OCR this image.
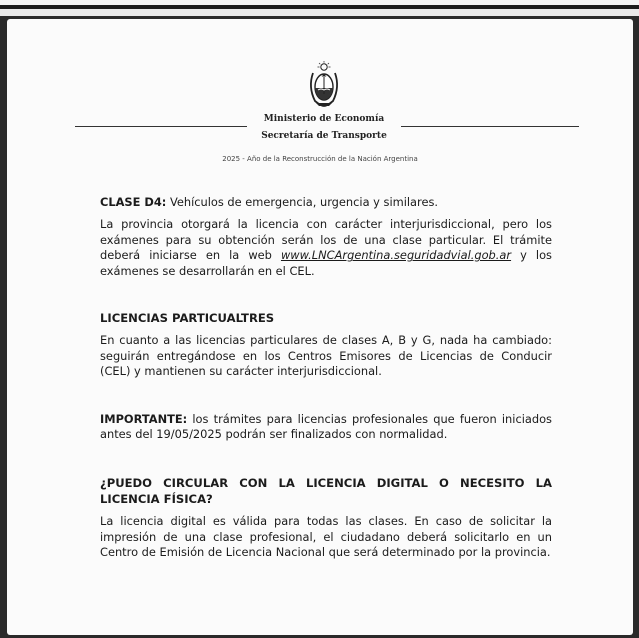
Ministerio de Economía
Secretaría de Transporte
2025 - Año de la Reconstrucción de la Nación Argentina

CLASE D4: Vehículos de emergencia, urgencia y similares.

La provincia otorgará la licencia con carácter interjurisdiccional, pero los exámenes para su obtención serán los de una clase particular. El trámite deberá iniciarse en la web www.LNCArgentina.seguridadvial.gob.ar y los exámenes se desarrollarán en el CEL.

LICENCIAS PARTICUALTRES

En cuanto a las licencias particulares de clases A, B y G, nada ha cambiado: seguirán entregándose en los Centros Emisores de Licencias de Conducir (CEL) y mantienen su carácter interjurisdiccional.

IMPORTANTE: los trámites para licencias profesionales que fueron iniciados antes del 19/05/2025 podrán ser finalizados con normalidad.

¿PUEDO CIRCULAR CON LA LICENCIA DIGITAL O NECESITO LA LICENCIA FÍSICA?

La licencia digital es válida para todas las clases. En caso de solicitar la impresión de una clase profesional, el ciudadano deberá solicitarlo en un Centro de Emisión de Licencia Nacional que será determinado por la provincia.
